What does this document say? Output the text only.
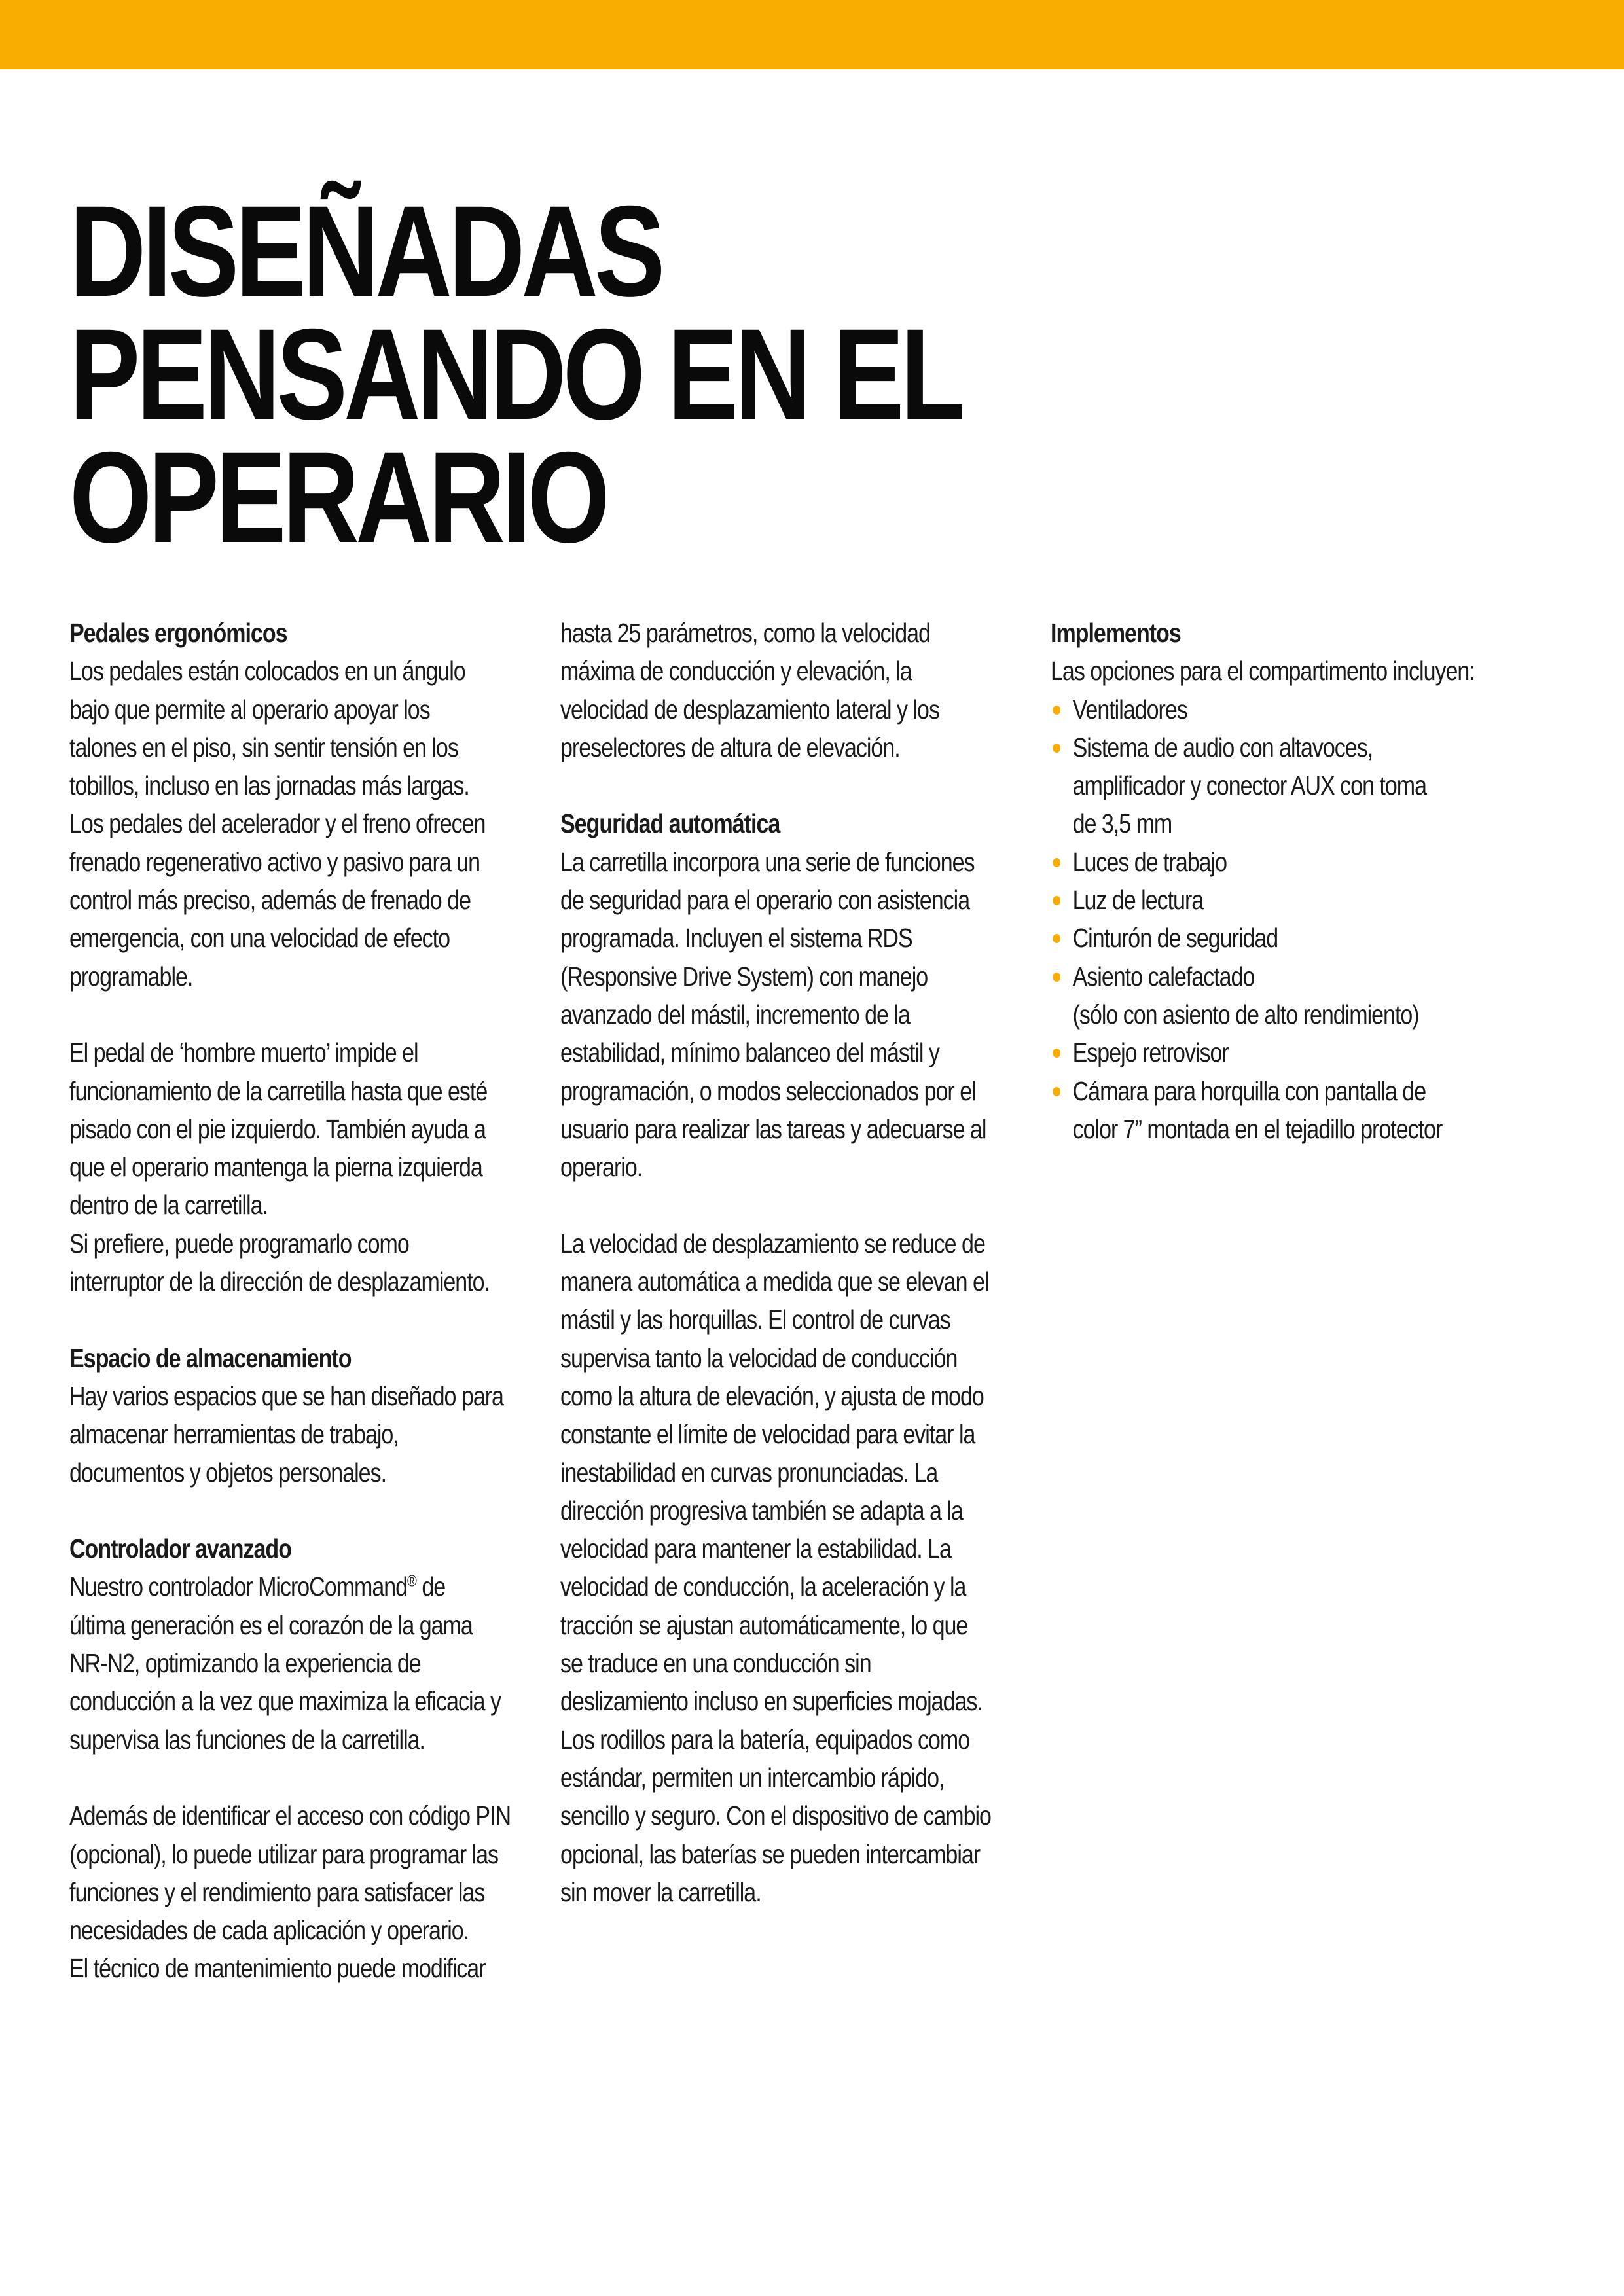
DISEÑADAS
PENSANDO EN EL
OPERARIO
Pedales ergonómicos

Los pedales están colocados en un ángulo

bajo que permite al operario apoyar los

talones en el piso, sin sentir tensión en los

tobillos, incluso en las jornadas más largas.

Los pedales del acelerador y el freno ofrecen

frenado regenerativo activo y pasivo para un

control más preciso, además de frenado de

emergencia, con una velocidad de efecto

programable.

El pedal de ‘hombre muerto’ impide el

funcionamiento de la carretilla hasta que esté

pisado con el pie izquierdo. También ayuda a

que el operario mantenga la pierna izquierda

dentro de la carretilla.

Si prefiere, puede programarlo como

interruptor de la dirección de desplazamiento.

Espacio de almacenamiento

Hay varios espacios que se han diseñado para

almacenar herramientas de trabajo,

documentos y objetos personales.

Controlador avanzado

Nuestro controlador MicroCommand® de

última generación es el corazón de la gama

NR-N2, optimizando la experiencia de

conducción a la vez que maximiza la eficacia y

supervisa las funciones de la carretilla.

Además de identificar el acceso con código PIN

(opcional), lo puede utilizar para programar las

funciones y el rendimiento para satisfacer las

necesidades de cada aplicación y operario.

El técnico de mantenimiento puede modificar

hasta 25 parámetros, como la velocidad

máxima de conducción y elevación, la

velocidad de desplazamiento lateral y los

preselectores de altura de elevación.

Seguridad automática

La carretilla incorpora una serie de funciones

de seguridad para el operario con asistencia

programada. Incluyen el sistema RDS

(Responsive Drive System) con manejo

avanzado del mástil, incremento de la

estabilidad, mínimo balanceo del mástil y

programación, o modos seleccionados por el

usuario para realizar las tareas y adecuarse al

operario.

La velocidad de desplazamiento se reduce de

manera automática a medida que se elevan el

mástil y las horquillas. El control de curvas

supervisa tanto la velocidad de conducción

como la altura de elevación, y ajusta de modo

constante el límite de velocidad para evitar la

inestabilidad en curvas pronunciadas. La

dirección progresiva también se adapta a la

velocidad para mantener la estabilidad. La

velocidad de conducción, la aceleración y la

tracción se ajustan automáticamente, lo que

se traduce en una conducción sin

deslizamiento incluso en superficies mojadas.

Los rodillos para la batería, equipados como

estándar, permiten un intercambio rápido,

sencillo y seguro. Con el dispositivo de cambio

opcional, las baterías se pueden intercambiar

sin mover la carretilla.

Implementos

Las opciones para el compartimento incluyen:

Ventiladores
Sistema de audio con altavoces,
amplificador y conector AUX con toma
de 3,5 mm
Luces de trabajo
Luz de lectura
Cinturón de seguridad
Asiento calefactado
(sólo con asiento de alto rendimiento)
Espejo retrovisor
Cámara para horquilla con pantalla de
color 7” montada en el tejadillo protector
